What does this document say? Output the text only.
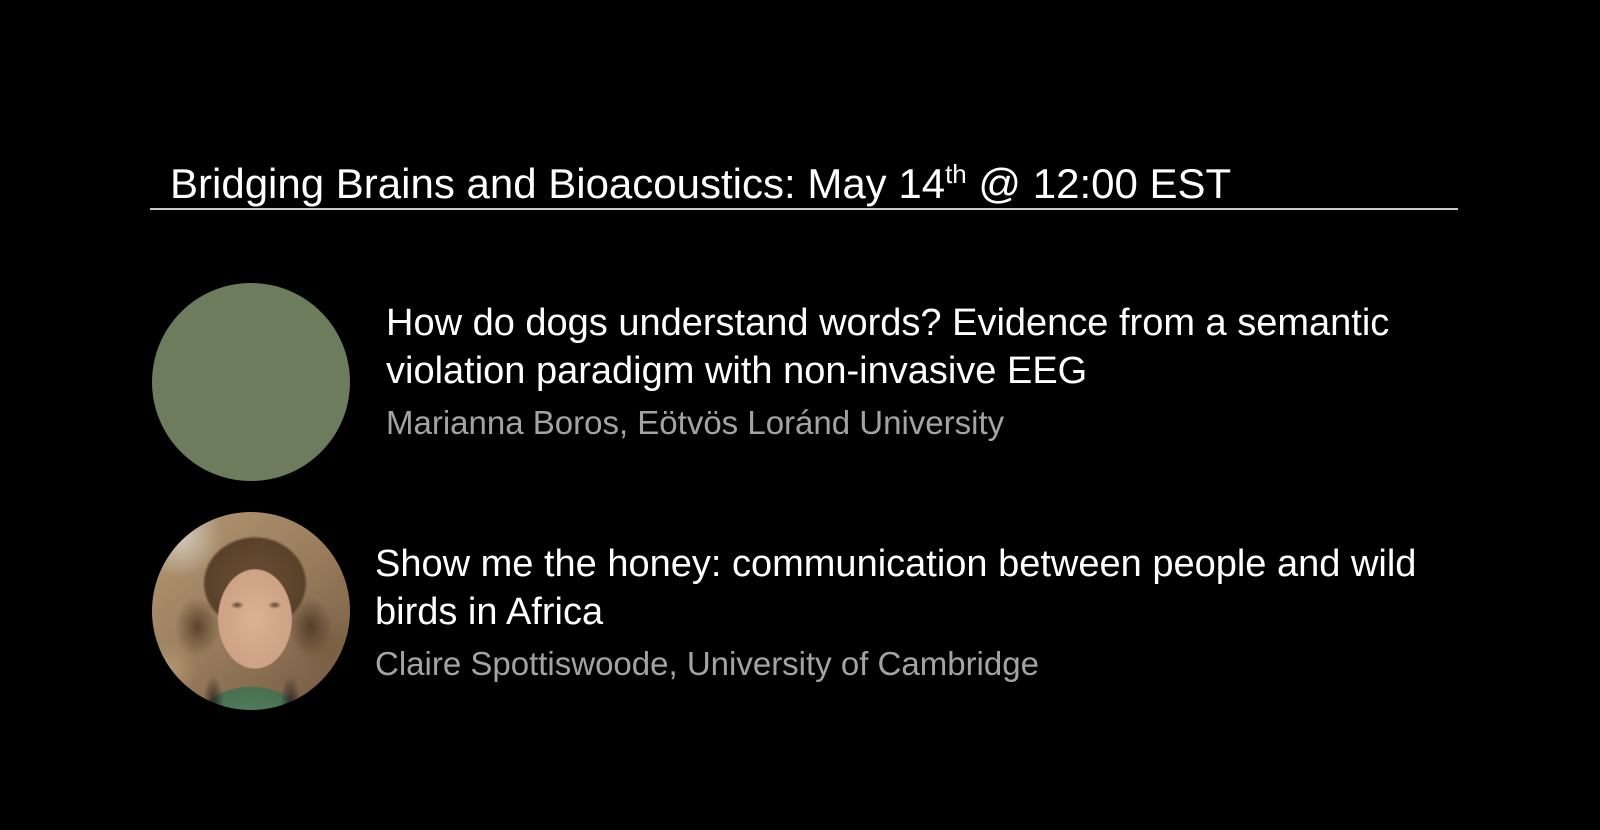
Bridging Brains and Bioacoustics: May 14th @ 12:00 EST
How do dogs understand words? Evidence from a semantic
violation paradigm with non-invasive EEG
Marianna Boros, Eötvös Loránd University
Show me the honey: communication between people and wild
birds in Africa
Claire Spottiswoode, University of Cambridge
